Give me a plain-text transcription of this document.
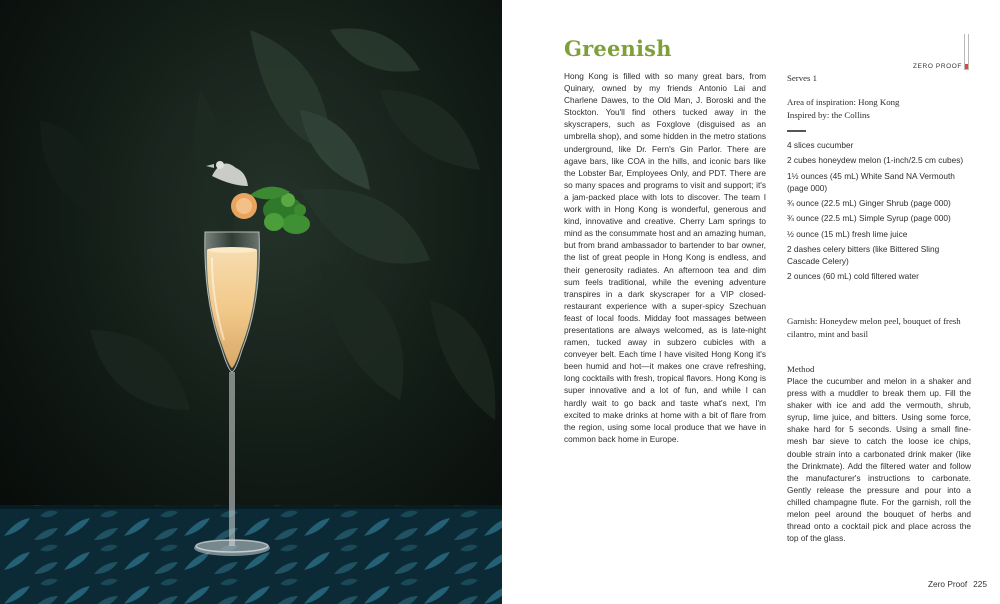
Greenish
ZERO PROOF

Hong Kong is filled with so many great bars, from Quinary, owned by my friends Antonio Lai and Charlene Dawes, to the Old Man, J. Boroski and the Stockton. You'll find others tucked away in the skyscrapers, such as Foxglove (disguised as an umbrella shop), and some hidden in the metro stations underground, like Dr. Fern's Gin Parlor. There are agave bars, like COA in the hills, and iconic bars like the Lobster Bar, Employees Only, and PDT. There are so many spaces and programs to visit and support; it's a jam-packed place with lots to discover. The team I work with in Hong Kong is wonderful, generous and kind, innovative and creative. Cherry Lam springs to mind as the consummate host and an amazing human, but from brand ambassador to bartender to bar owner, the list of great people in Hong Kong is endless, and their generosity radiates. An afternoon tea and dim sum feels traditional, while the evening adventure transpires in a dark skyscraper for a VIP closed-restaurant experience with a super-spicy Szechuan feast of local foods. Midday foot massages between presentations are always welcomed, as is late-night ramen, tucked away in subzero cubicles with a conveyer belt. Each time I have visited Hong Kong it's been humid and hot—it makes one crave refreshing, long cocktails with fresh, tropical flavors. Hong Kong is super innovative and a lot of fun, and while I can hardly wait to go back and taste what's next, I'm excited to make drinks at home with a bit of flare from the region, using some local produce that we have in common back home in Europe.

Serves 1
Area of inspiration: Hong Kong
Inspired by: the Collins
4 slices cucumber
2 cubes honeydew melon (1-inch/2.5 cm cubes)
1½ ounces (45 mL) White Sand NA Vermouth (page 000)
¾ ounce (22.5 mL) Ginger Shrub (page 000)
¾ ounce (22.5 mL) Simple Syrup (page 000)
½ ounce (15 mL) fresh lime juice
2 dashes celery bitters (like Bittered Sling Cascade Celery)
2 ounces (60 mL) cold filtered water
Garnish: Honeydew melon peel, bouquet of fresh cilantro, mint and basil
Method

Place the cucumber and melon in a shaker and press with a muddler to break them up. Fill the shaker with ice and add the vermouth, shrub, syrup, lime juice, and bitters. Using some force, shake hard for 5 seconds. Using a small fine-mesh bar sieve to catch the loose ice chips, double strain into a carbonated drink maker (like the Drinkmate). Add the filtered water and follow the manufacturer's instructions to carbonate. Gently release the pressure and pour into a chilled champagne flute. For the garnish, roll the melon peel around the bouquet of herbs and thread onto a cocktail pick and place across the top of the glass.

Zero Proof 225
